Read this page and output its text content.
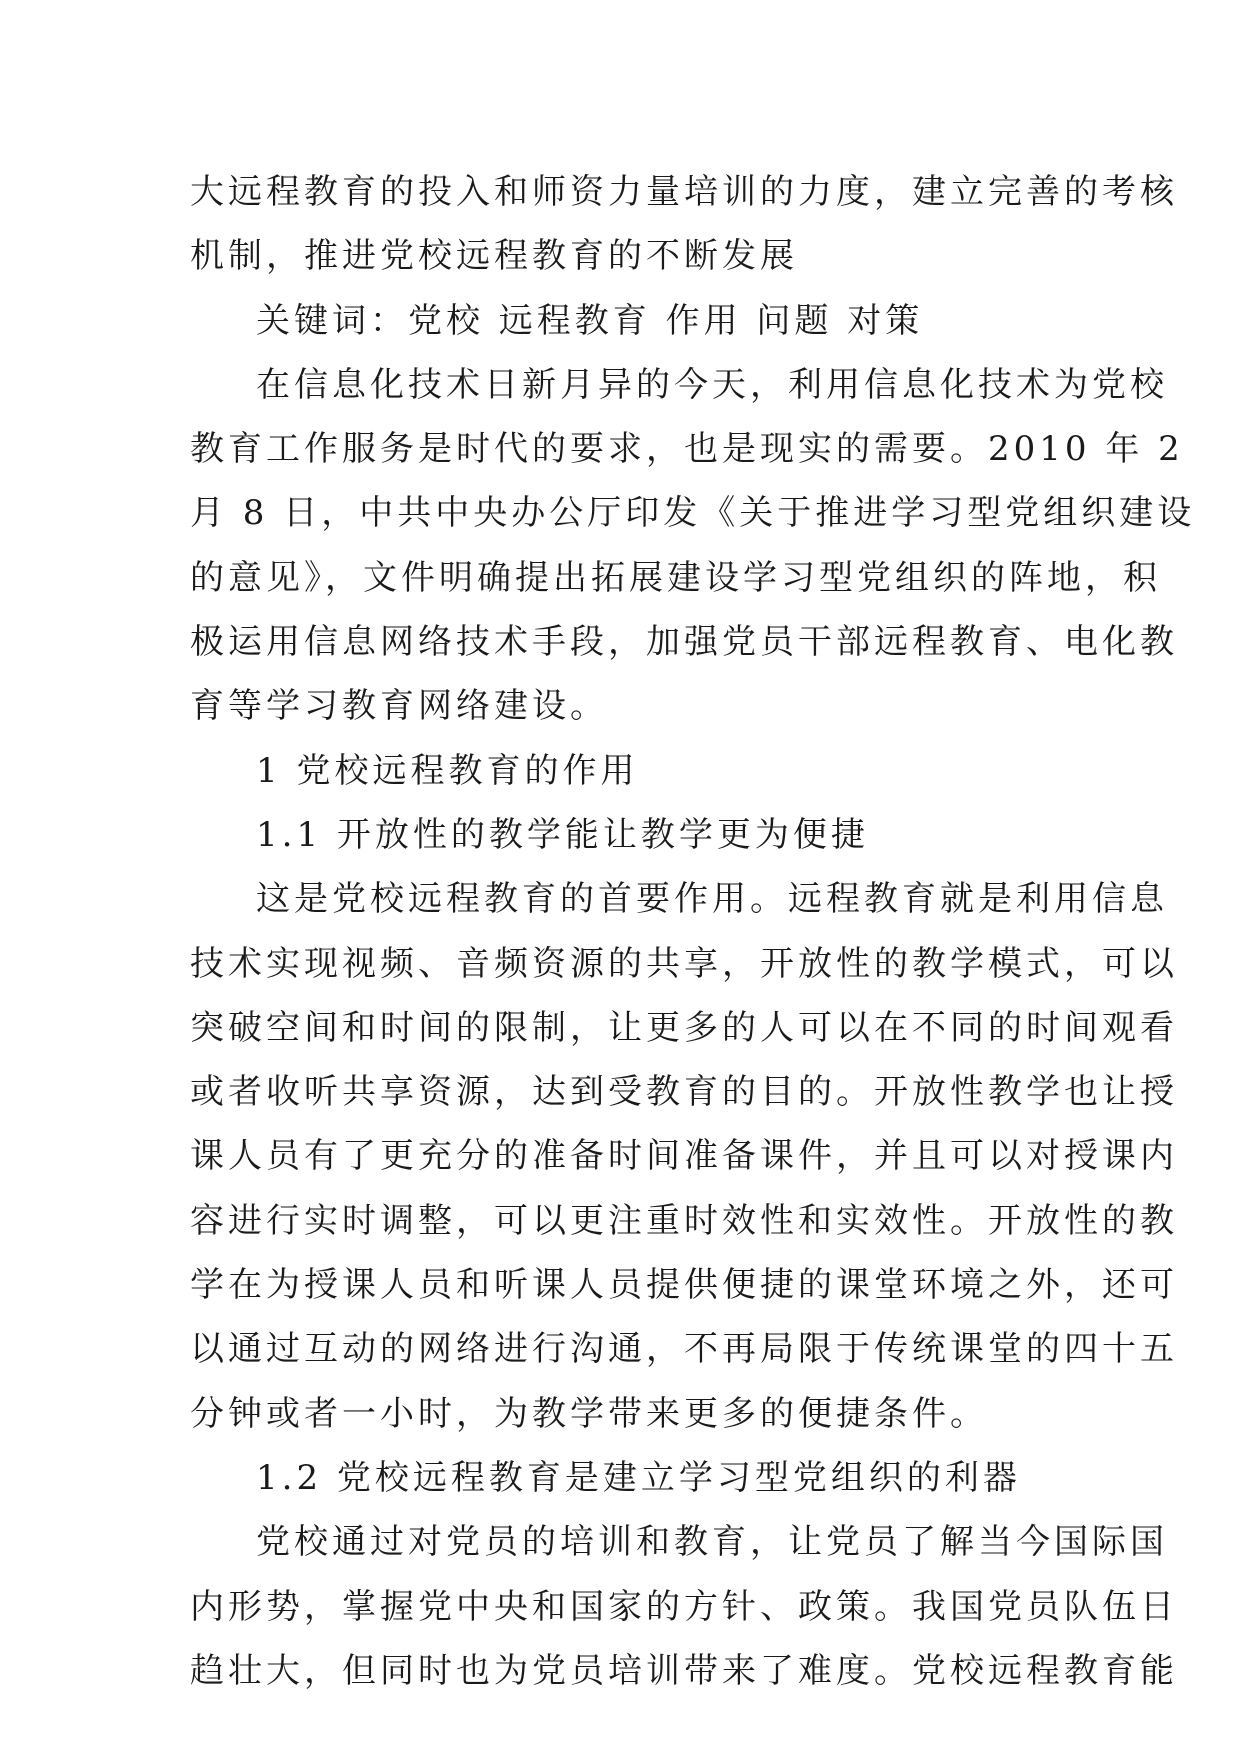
大远程教育的投入和师资力量培训的力度，建立完善的考核
机制，推进党校远程教育的不断发展
关键词：党校 远程教育 作用 问题 对策
在信息化技术日新月异的今天，利用信息化技术为党校
教育工作服务是时代的要求，也是现实的需要。2010 年 2
月 8 日，中共中央办公厅印发《关于推进学习型党组织建设
的意见》，文件明确提出拓展建设学习型党组织的阵地，积
极运用信息网络技术手段，加强党员干部远程教育、电化教
育等学习教育网络建设。
1 党校远程教育的作用
1.1 开放性的教学能让教学更为便捷
这是党校远程教育的首要作用。远程教育就是利用信息
技术实现视频、音频资源的共享，开放性的教学模式，可以
突破空间和时间的限制，让更多的人可以在不同的时间观看
或者收听共享资源，达到受教育的目的。开放性教学也让授
课人员有了更充分的准备时间准备课件，并且可以对授课内
容进行实时调整，可以更注重时效性和实效性。开放性的教
学在为授课人员和听课人员提供便捷的课堂环境之外，还可
以通过互动的网络进行沟通，不再局限于传统课堂的四十五
分钟或者一小时，为教学带来更多的便捷条件。
1.2 党校远程教育是建立学习型党组织的利器
党校通过对党员的培训和教育，让党员了解当今国际国
内形势，掌握党中央和国家的方针、政策。我国党员队伍日
趋壮大，但同时也为党员培训带来了难度。党校远程教育能
